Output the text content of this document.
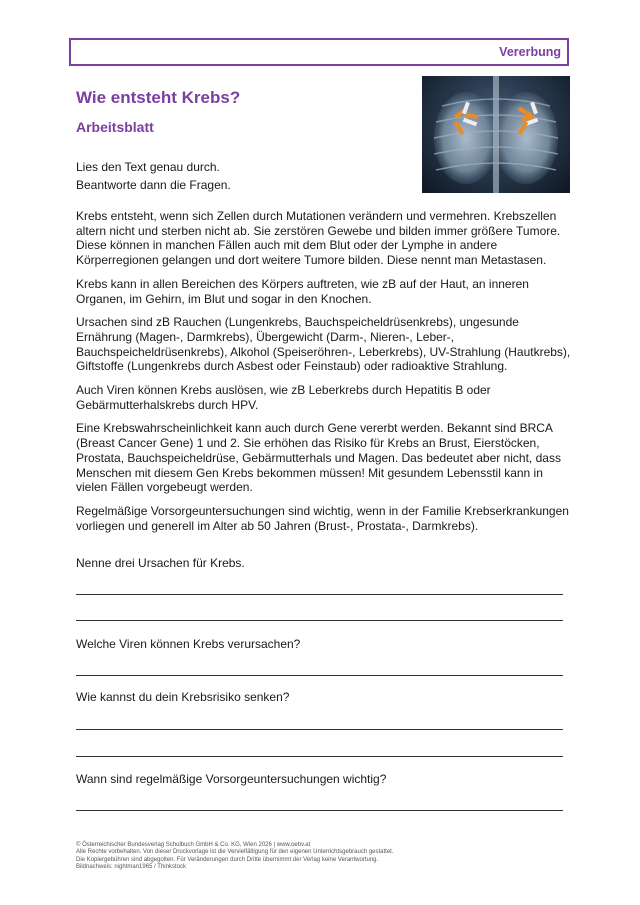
Vererbung
Wie entsteht Krebs?
Arbeitsblatt
Lies den Text genau durch.
Beantworte dann die Fragen.

Krebs entsteht, wenn sich Zellen durch Mutationen verändern und vermehren. Krebszellen altern nicht und sterben nicht ab. Sie zerstören Gewebe und bilden immer größere Tumore. Diese können in manchen Fällen auch mit dem Blut oder der Lymphe in andere Körperregionen gelangen und dort weitere Tumore bilden. Diese nennt man Metastasen.

Krebs kann in allen Bereichen des Körpers auftreten, wie zB auf der Haut, an inneren Organen, im Gehirn, im Blut und sogar in den Knochen.

Ursachen sind zB Rauchen (Lungenkrebs, Bauchspeicheldrüsenkrebs), ungesunde Ernährung (Magen-, Darmkrebs), Übergewicht (Darm-, Nieren-, Leber-, Bauchspeicheldrüsenkrebs), Alkohol (Speiseröhren-, Leberkrebs), UV-Strahlung (Hautkrebs), Giftstoffe (Lungenkrebs durch Asbest oder Feinstaub) oder radioaktive Strahlung.

Auch Viren können Krebs auslösen, wie zB Leberkrebs durch Hepatitis B oder Gebärmutterhalskrebs durch HPV.

Eine Krebswahrscheinlichkeit kann auch durch Gene vererbt werden. Bekannt sind BRCA (Breast Cancer Gene) 1 und 2. Sie erhöhen das Risiko für Krebs an Brust, Eierstöcken, Prostata, Bauchspeicheldrüse, Gebärmutterhals und Magen. Das bedeutet aber nicht, dass Menschen mit diesem Gen Krebs bekommen müssen! Mit gesundem Lebensstil kann in vielen Fällen vorgebeugt werden.

Regelmäßige Vorsorgeuntersuchungen sind wichtig, wenn in der Familie Krebserkrankungen vorliegen und generell im Alter ab 50 Jahren (Brust-, Prostata-, Darmkrebs).

Nenne drei Ursachen für Krebs.
Welche Viren können Krebs verursachen?
Wie kannst du dein Krebsrisiko senken?
Wann sind regelmäßige Vorsorgeuntersuchungen wichtig?
© Österreichischer Bundesverlag Schulbuch GmbH & Co. KG, Wien 2026 | www.oebv.at
Alle Rechte vorbehalten. Von dieser Druckvorlage ist die Vervielfältigung für den eigenen Unterrichtsgebrauch gestattet.
Die Kopiergebühren sind abgegolten. Für Veränderungen durch Dritte übernimmt der Verlag keine Verantwortung.
Bildnachweis: nightman1965 / Thinkstock
